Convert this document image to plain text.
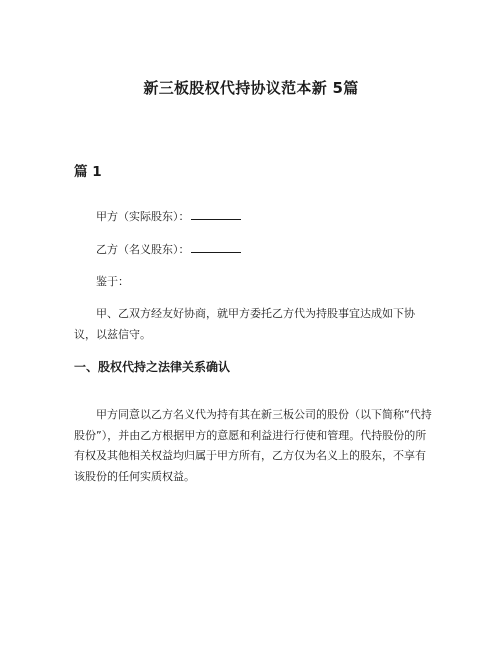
新三板股权代持协议范本新 5篇
篇 1
甲方（实际股东）：
乙方（名义股东）：
鉴于：

甲、乙双方经友好协商，就甲方委托乙方代为持股事宜达成如下协议，以兹信守。

一、股权代持之法律关系确认

甲方同意以乙方名义代为持有其在新三板公司的股份（以下简称“代持股份”），并由乙方根据甲方的意愿和利益进行行使和管理。代持股份的所有权及其他相关权益均归属于甲方所有，乙方仅为名义上的股东，不享有该股份的任何实质权益。
